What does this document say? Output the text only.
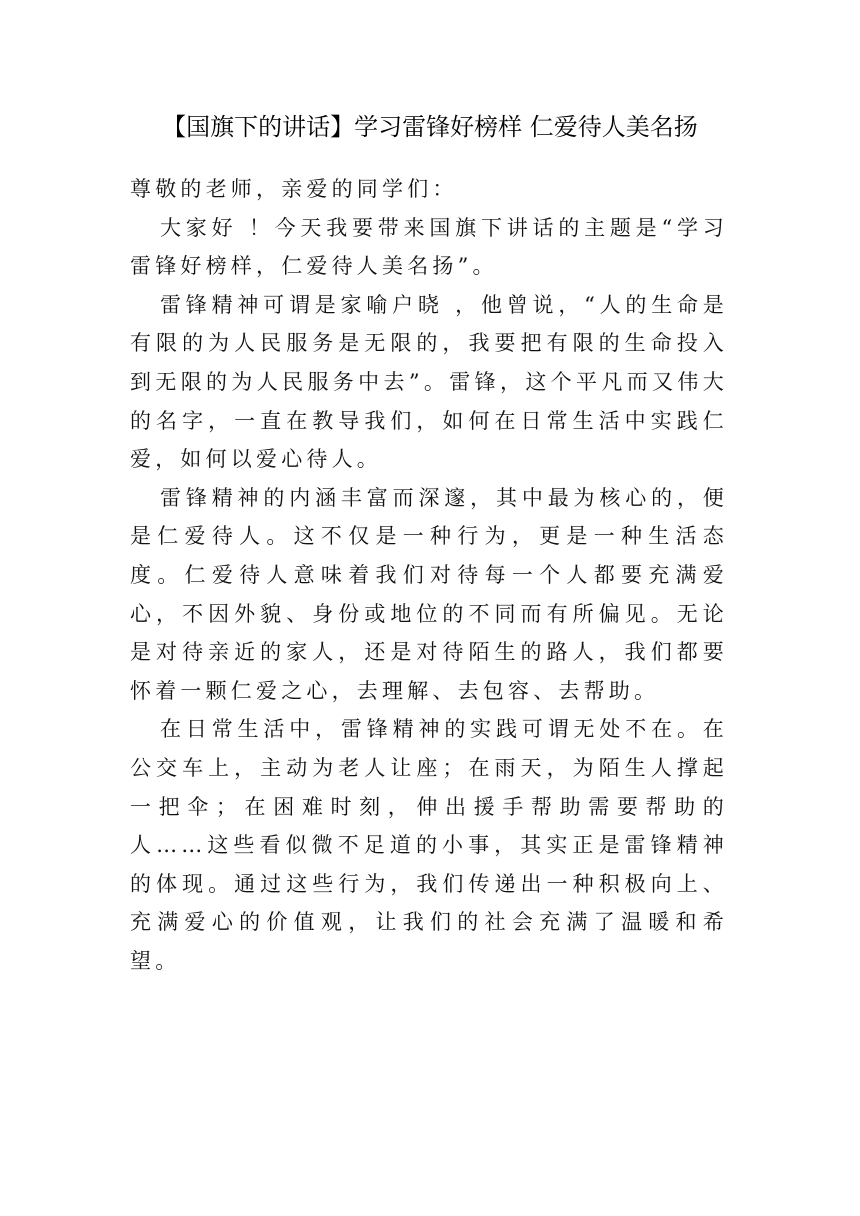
【国旗下的讲话】学习雷锋好榜样 仁爱待人美名扬

尊敬的老师，亲爱的同学们：

大家好 ！今天我要带来国旗下讲话的主题是“学习雷锋好榜样，仁爱待人美名扬”。

雷锋精神可谓是家喻户晓 ，他曾说，“人的生命是有限的为人民服务是无限的，我要把有限的生命投入到无限的为人民服务中去”。雷锋，这个平凡而又伟大的名字，一直在教导我们，如何在日常生活中实践仁爱，如何以爱心待人。

雷锋精神的内涵丰富而深邃，其中最为核心的，便是仁爱待人。这不仅是一种行为，更是一种生活态度。仁爱待人意味着我们对待每一个人都要充满爱心，不因外貌、身份或地位的不同而有所偏见。无论是对待亲近的家人，还是对待陌生的路人，我们都要怀着一颗仁爱之心，去理解、去包容、去帮助。

在日常生活中，雷锋精神的实践可谓无处不在。在公交车上，主动为老人让座；在雨天，为陌生人撑起一把伞；在困难时刻，伸出援手帮助需要帮助的人……这些看似微不足道的小事，其实正是雷锋精神的体现。通过这些行为，我们传递出一种积极向上、充满爱心的价值观，让我们的社会充满了温暖和希望。
